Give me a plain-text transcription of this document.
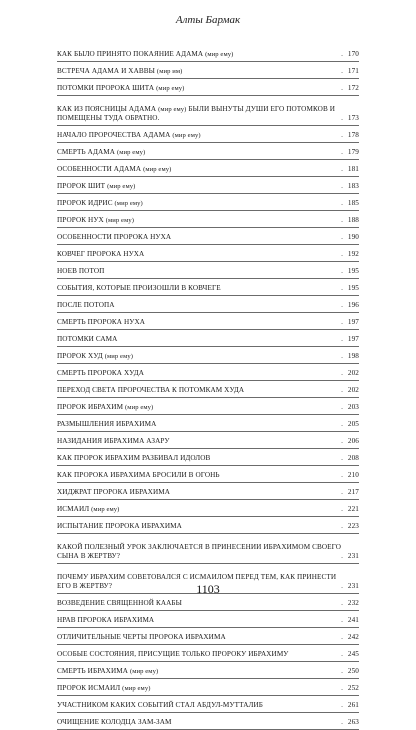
Алты Бармак
КАК БЫЛО ПРИНЯТО ПОКАЯНИЕ АДАМА (мир ему)	. 170
ВСТРЕЧА АДАМА И ХАВВЫ (мир им)	. 171
ПОТОМКИ ПРОРОКА ШИТА (мир ему)	. 172
КАК ИЗ ПОЯСНИЦЫ АДАМА (мир ему) БЫЛИ ВЫНУТЫ ДУШИ ЕГО ПОТОМКОВ И ПОМЕЩЕНЫ ТУДА ОБРАТНО.	. 173
НАЧАЛО ПРОРОЧЕСТВА АДАМА (мир ему)	. 178
СМЕРТЬ АДАМА (мир ему)	. 179
ОСОБЕННОСТИ АДАМА (мир ему)	. 181
ПРОРОК ШИТ (мир ему)	. 183
ПРОРОК ИДРИС (мир ему)	. 185
ПРОРОК НУХ (мир ему)	. 188
ОСОБЕННОСТИ ПРОРОКА НУХА	. 190
КОВЧЕГ ПРОРОКА НУХА	. 192
НОЕВ ПОТОП	. 195
СОБЫТИЯ, КОТОРЫЕ ПРОИЗОШЛИ В КОВЧЕГЕ	. 195
ПОСЛЕ ПОТОПА	. 196
СМЕРТЬ ПРОРОКА НУХА	. 197
ПОТОМКИ САМА	. 197
ПРОРОК ХУД (мир ему)	. 198
СМЕРТЬ ПРОРОКА ХУДА	. 202
ПЕРЕХОД СВЕТА ПРОРОЧЕСТВА К ПОТОМКАМ ХУДА	. 202
ПРОРОК ИБРАХИМ (мир ему)	. 203
РАЗМЫШЛЕНИЯ ИБРАХИМА	. 205
НАЗИДАНИЯ ИБРАХИМА АЗАРУ	. 206
КАК ПРОРОК ИБРАХИМ РАЗБИВАЛ ИДОЛОВ	. 208
КАК ПРОРОКА ИБРАХИМА БРОСИЛИ В ОГОНЬ	. 210
ХИДЖРАТ ПРОРОКА ИБРАХИМА	. 217
ИСМАИЛ (мир ему)	. 221
ИСПЫТАНИЕ ПРОРОКА ИБРАХИМА	. 223
КАКОЙ ПОЛЕЗНЫЙ УРОК ЗАКЛЮЧАЕТСЯ В ПРИНЕСЕНИИ ИБРАХИМОМ СВОЕГО СЫНА В ЖЕРТВУ?	. 231
ПОЧЕМУ ИБРАХИМ СОВЕТОВАЛСЯ С ИСМАИЛОМ ПЕРЕД ТЕМ, КАК ПРИНЕСТИ ЕГО В ЖЕРТВУ?	. 231
ВОЗВЕДЕНИЕ СВЯЩЕННОЙ КААБЫ	. 232
НРАВ ПРОРОКА ИБРАХИМА	. 241
ОТЛИЧИТЕЛЬНЫЕ ЧЕРТЫ ПРОРОКА ИБРАХИМА	. 242
ОСОБЫЕ СОСТОЯНИЯ, ПРИСУЩИЕ ТОЛЬКО ПРОРОКУ ИБРАХИМУ	. 245
СМЕРТЬ ИБРАХИМА (мир ему)	. 250
ПРОРОК ИСМАИЛ (мир ему)	. 252
УЧАСТНИКОМ КАКИХ СОБЫТИЙ СТАЛ АБДУЛ-МУТТАЛИБ	. 261
ОЧИЩЕНИЕ КОЛОДЦА ЗАМ-ЗАМ	. 263
1103
